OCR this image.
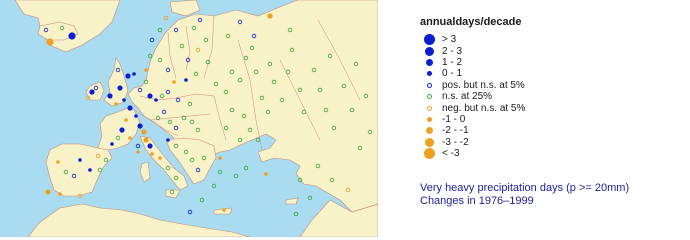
annualdays/decade
> 3
2 - 3
1 - 2
0 - 1
pos. but n.s. at 5%
n.s. at 25%
neg. but n.s. at 5%
-1 - 0
-2 - -1
-3 - -2
< -3
Very heavy precipitation days (p >= 20mm)
Changes in 1976–1999
